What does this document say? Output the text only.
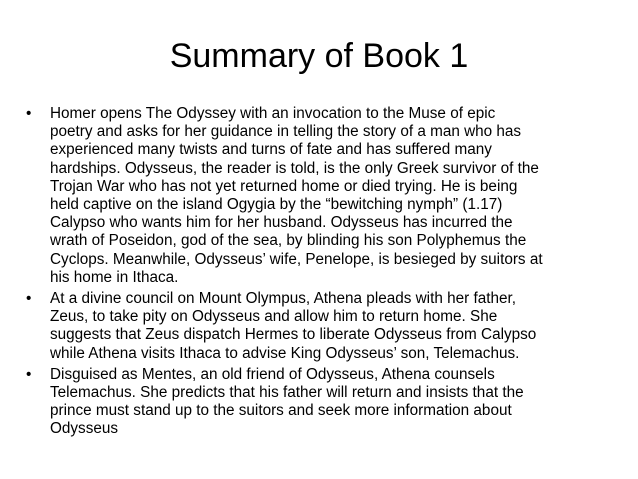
Summary of Book 1
•	Homer opens The Odyssey with an invocation to the Muse of epic
poetry and asks for her guidance in telling the story of a man who has
experienced many twists and turns of fate and has suffered many
hardships. Odysseus, the reader is told, is the only Greek survivor of the
Trojan War who has not yet returned home or died trying. He is being
held captive on the island Ogygia by the “bewitching nymph” (1.17)
Calypso who wants him for her husband. Odysseus has incurred the
wrath of Poseidon, god of the sea, by blinding his son Polyphemus the
Cyclops. Meanwhile, Odysseus’ wife, Penelope, is besieged by suitors at
his home in Ithaca.
•	At a divine council on Mount Olympus, Athena pleads with her father,
Zeus, to take pity on Odysseus and allow him to return home. She
suggests that Zeus dispatch Hermes to liberate Odysseus from Calypso
while Athena visits Ithaca to advise King Odysseus’ son, Telemachus.
•	Disguised as Mentes, an old friend of Odysseus, Athena counsels
Telemachus. She predicts that his father will return and insists that the
prince must stand up to the suitors and seek more information about
Odysseus
